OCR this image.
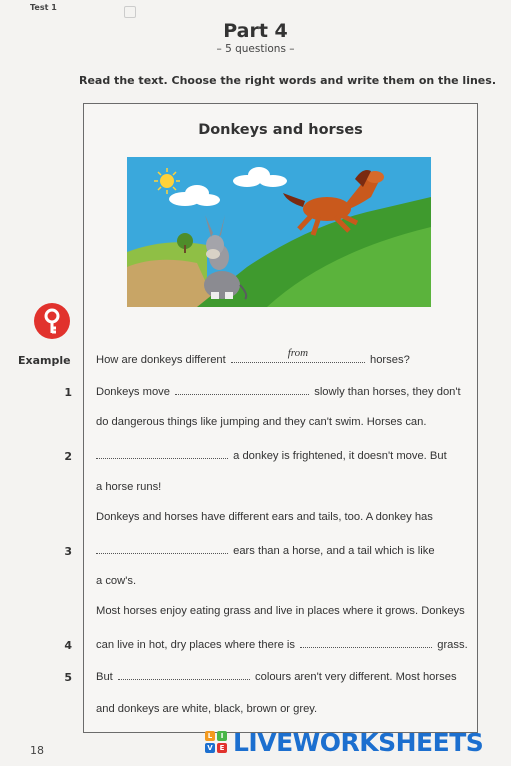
Test 1
Part 4
– 5 questions –
Read the text. Choose the right words and write them on the lines.
Donkeys and horses
Example How are donkeys different
from
horses?
1 Donkeys move	slowly than horses, they don't
do dangerous things like jumping and they can't swim. Horses can.
2	a donkey is frightened, it doesn't move. But
a horse runs!
Donkeys and horses have different ears and tails, too. A donkey has
3	ears than a horse, and a tail which is like
a cow's.
Most horses enjoy eating grass and live in places where it grows. Donkeys
4 can live in hot, dry places where there is	grass.
5 But	colours aren't very different. Most horses
and donkeys are white, black, brown or grey.
18
L	I
V E LIVEWORKSHEETS
